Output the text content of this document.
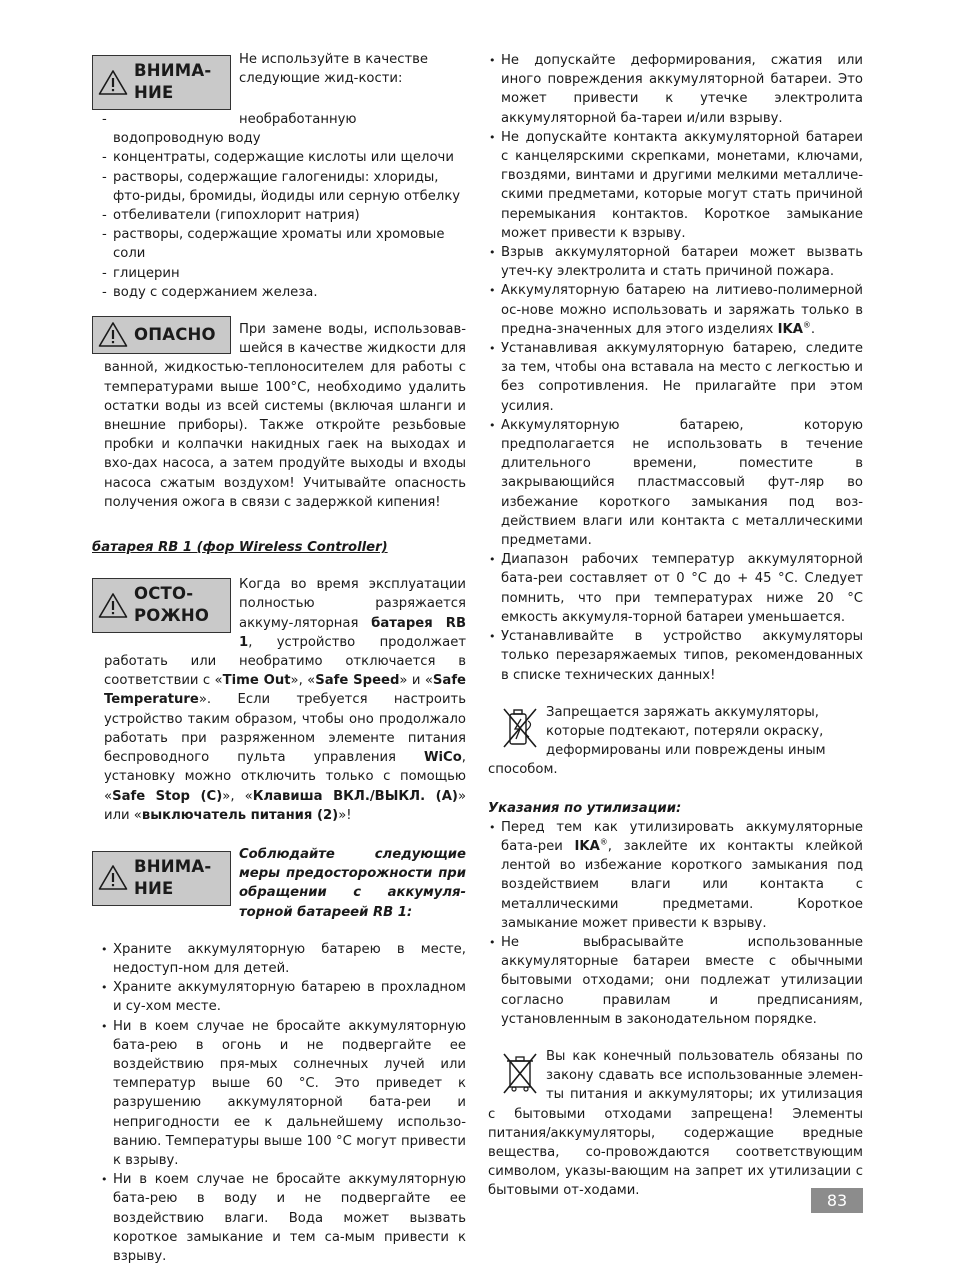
ВНИМА-
НИЕ

Не используйте в качестве следующие жид-кости:

- необработанную водопроводную воду
- концентраты, содержащие кислоты или щелочи
- растворы, содержащие галогениды: хлориды, фто-риды, бромиды, йодиды или серную отбелку
- отбеливатели (гипохлорит натрия)
- растворы, содержащие хроматы или хромовые соли
- глицерин
- воду с содержанием железа.
ОПАСНО	При замене воды, использовав-шейся в качестве жидкости для ванной, жидкостью-теплоносителем для работы с температурами выше 100°C, необходимо удалить остатки воды из всей системы (включая шланги и внешние приборы). Также откройте резьбовые пробки и колпачки накидных гаек на выходах и вхо-дах насоса, а затем продуйте выходы и входы насоса сжатым воздухом! Учитывайте опасность получения ожога в связи с задержкой кипения!

батарея RB 1 (фор Wireless Controller)

ОСТО-
РОЖНО

Когда во время эксплуатации полностью разряжается аккуму-ляторная батарея RB 1, устройство продолжает работать или необратимо отключается в соответствии с «Time Out», «Safe Speed» и «Safe Temperature». Если требуется настроить устройство таким образом, чтобы оно продолжало работать при разряженном элементе питания беспроводного пульта управления WiCo, установку можно отключить только с помощью «Safe Stop (C)», «Клавиша ВКЛ./ВЫКЛ. (A)» или «выключатель питания (2)»!

ВНИМА-
НИЕ

Соблюдайте следующие меры предосторожности при обращении с аккумуля-торной батареей RB 1:

• Храните аккумуляторную батарею в месте, недоступ-ном для детей.
• Храните аккумуляторную батарею в прохладном и су-хом месте.
• Ни в коем случае не бросайте аккумуляторную бата-рею в огонь и не подвергайте ее воздействию пря-мых солнечных лучей или температур выше 60 °C. Это приведет к разрушению аккумуляторной бата-реи и непригодности ее к дальнейшему использо-ванию. Температуры выше 100 °C могут привести к взрыву.
• Ни в коем случае не бросайте аккумуляторную бата-рею в воду и не подвергайте ее воздействию влаги. Вода может вызвать короткое замыкание и тем са-мым привести к взрыву.
• Не допускайте деформирования, сжатия или иного повреждения аккумуляторной батареи. Это может привести к утечке электролита аккумуляторной ба-тареи и/или взрыву.
• Не допускайте контакта аккумуляторной батареи с канцелярскими скрепками, монетами, ключами, гвоздями, винтами и другими мелкими металличе-скими предметами, которые могут стать причиной перемыкания контактов. Короткое замыкание может привести к взрыву.
• Взрыв аккумуляторной батареи может вызвать утеч-ку электролита и стать причиной пожара.
• Аккумуляторную батарею на литиево-полимерной ос-нове можно использовать и заряжать только в предна-значенных для этого изделиях IKA®.
• Устанавливая аккумуляторную батарею, следите за тем, чтобы она вставала на место с легкостью и без сопротивления. Не прилагайте при этом усилия.
• Аккумуляторную батарею, которую предполагается не использовать в течение длительного времени, поместите в закрывающийся пластмассовый фут-ляр во избежание короткого замыкания под воз-действием влаги или контакта с металлическими предметами.
• Диапазон рабочих температур аккумуляторной бата-реи составляет от 0 °C до + 45 °C. Следует помнить, что при температурах ниже 20 °C емкость аккумуля-торной батареи уменьшается.
• Устанавливайте в устройство аккумуляторы только перезаряжаемых типов, рекомендованных в списке технических данных!

Запрещается заряжать аккумуляторы, которые подтекают, потеряли окраску, деформированы или повреждены иным способом.

Указания по утилизации:

• Перед тем как утилизировать аккумуляторные бата-реи IKA®, заклейте их контакты клейкой лентой во избежание короткого замыкания под воздействием влаги или контакта с металлическими предметами. Короткое замыкание может привести к взрыву.
• Не выбрасывайте использованные аккумуляторные батареи вместе с обычными бытовыми отходами; они подлежат утилизации согласно правилам и предписаниям, установленным в законодательном порядке.

Вы как конечный пользователь обязаны по закону сдавать все использованные элемен-ты питания и аккумуляторы; их утилизация с бытовыми отходами запрещена! Элементы питания/аккумуляторы, содержащие вредные вещества, со-провождаются соответствующим символом, указы-вающим на запрет их утилизации с бытовыми от-ходами.

83
